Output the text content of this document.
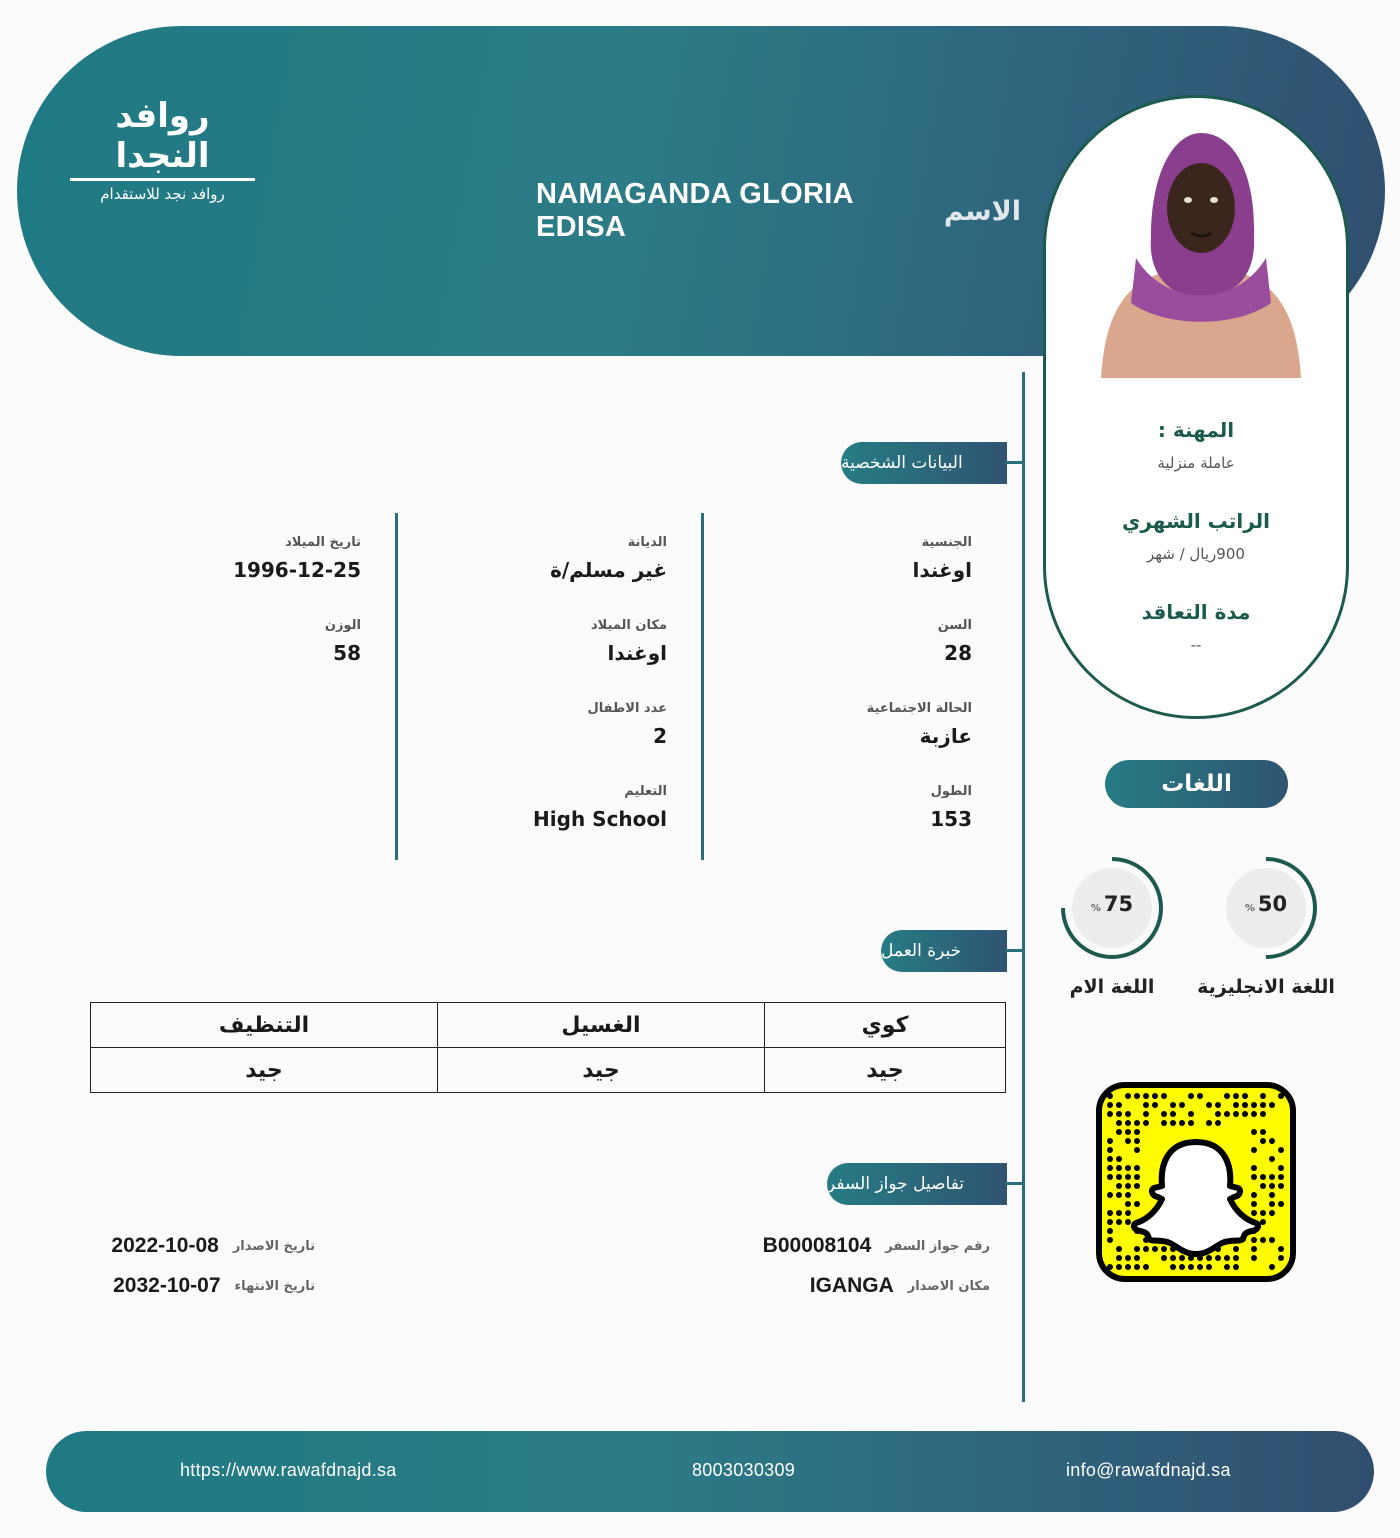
روافد النجدا
روافد نجد للاستقدام	NAMAGANDA GLORIA EDISA	الاسم
المهنة :
عاملة منزلية
الراتب الشهري
900ريال / شهر
مدة التعاقد
--
البيانات الشخصية
الجنسية
اوغندا
السن
28
الحالة الاجتماعية
عازبة
الطول
153
الديانة
غير مسلم/ة
مكان الميلاد
اوغندا
عدد الاطفال
2
التعليم
High School
تاريخ الميلاد
1996-12-25
الوزن
58
خبرة العمل
كوي	الغسيل	التنظيف
جيد	جيد	جيد
تفاصيل جواز السفر
رقم جواز السفر
B00008104
مكان الاصدار
IGANGA
تاريخ الاصدار
2022-10-08
تاريخ الانتهاء
2032-10-07
اللغات
% 50
اللغة الانجليزية
% 75
اللغة الام
https://www.rawafdnajd.sa	8003030309	info@rawafdnajd.sa
